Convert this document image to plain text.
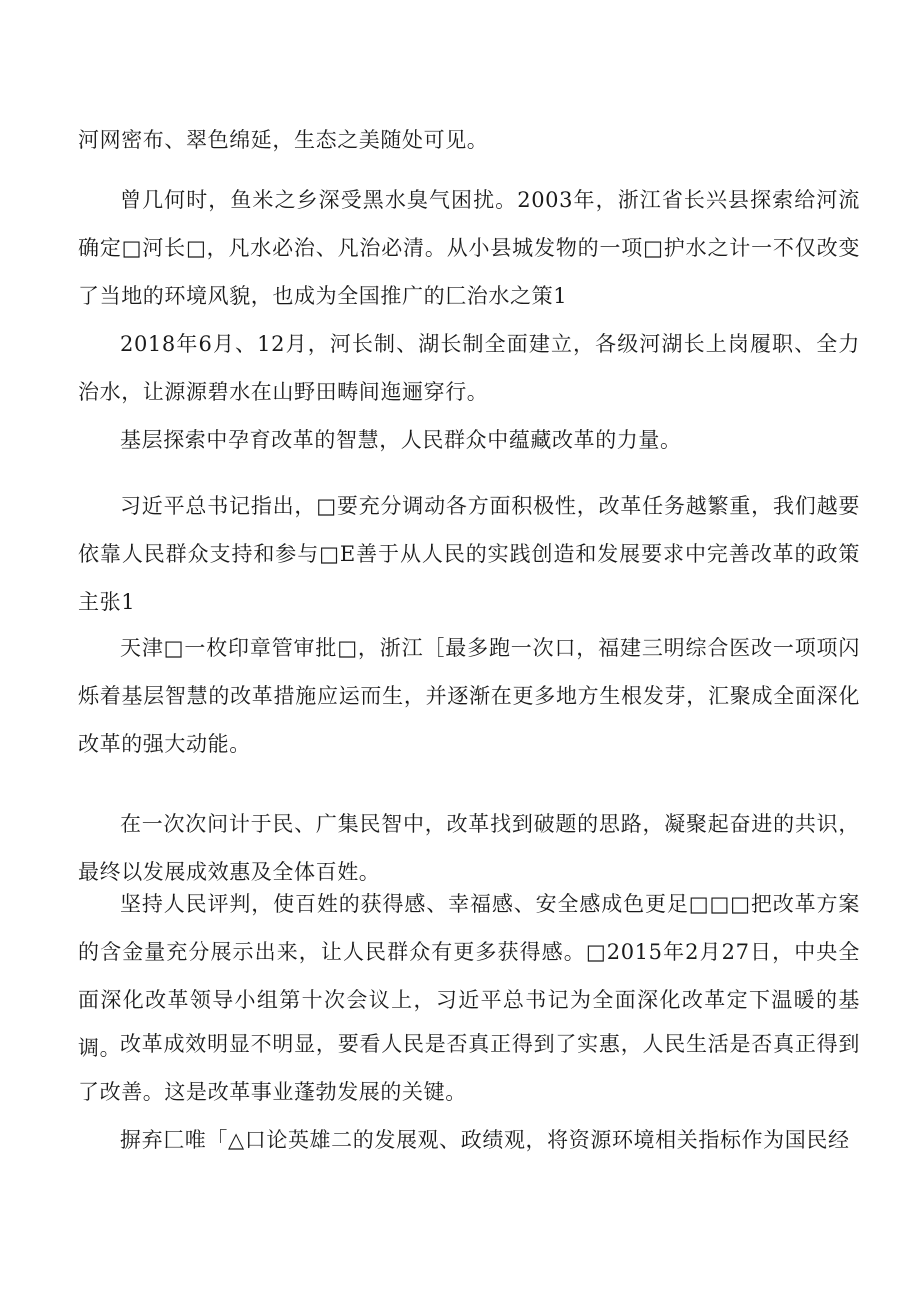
河网密布、翠色绵延，生态之美随处可见。

曾几何时，鱼米之乡深受黑水臭气困扰。2003年，浙江省长兴县探索给河流确定□河长□，凡水必治、凡治必清。从小县城发物的一项□护水之计一不仅改变了当地的环境风貌，也成为全国推广的匚治水之策1

2018年6月、12月，河长制、湖长制全面建立，各级河湖长上岗履职、全力治水，让源源碧水在山野田畴间迤逦穿行。

基层探索中孕育改革的智慧，人民群众中蕴藏改革的力量。

习近平总书记指出，□要充分调动各方面积极性，改革任务越繁重，我们越要依靠人民群众支持和参与□E善于从人民的实践创造和发展要求中完善改革的政策主张1

天津□一枚印章管审批□，浙江［最多跑一次口，福建三明综合医改一项项闪烁着基层智慧的改革措施应运而生，并逐渐在更多地方生根发芽，汇聚成全面深化改革的强大动能。

在一次次问计于民、广集民智中，改革找到破题的思路，凝聚起奋进的共识，最终以发展成效惠及全体百姓。

坚持人民评判，使百姓的获得感、幸福感、安全感成色更足□□□把改革方案的含金量充分展示出来，让人民群众有更多获得感。□2015年2月27日，中央全面深化改革领导小组第十次会议上，习近平总书记为全面深化改革定下温暖的基调。

改革成效明显不明显，要看人民是否真正得到了实惠，人民生活是否真正得到了改善。这是改革事业蓬勃发展的关键。

摒弃匚唯「△口论英雄二的发展观、政绩观，将资源环境相关指标作为国民经
